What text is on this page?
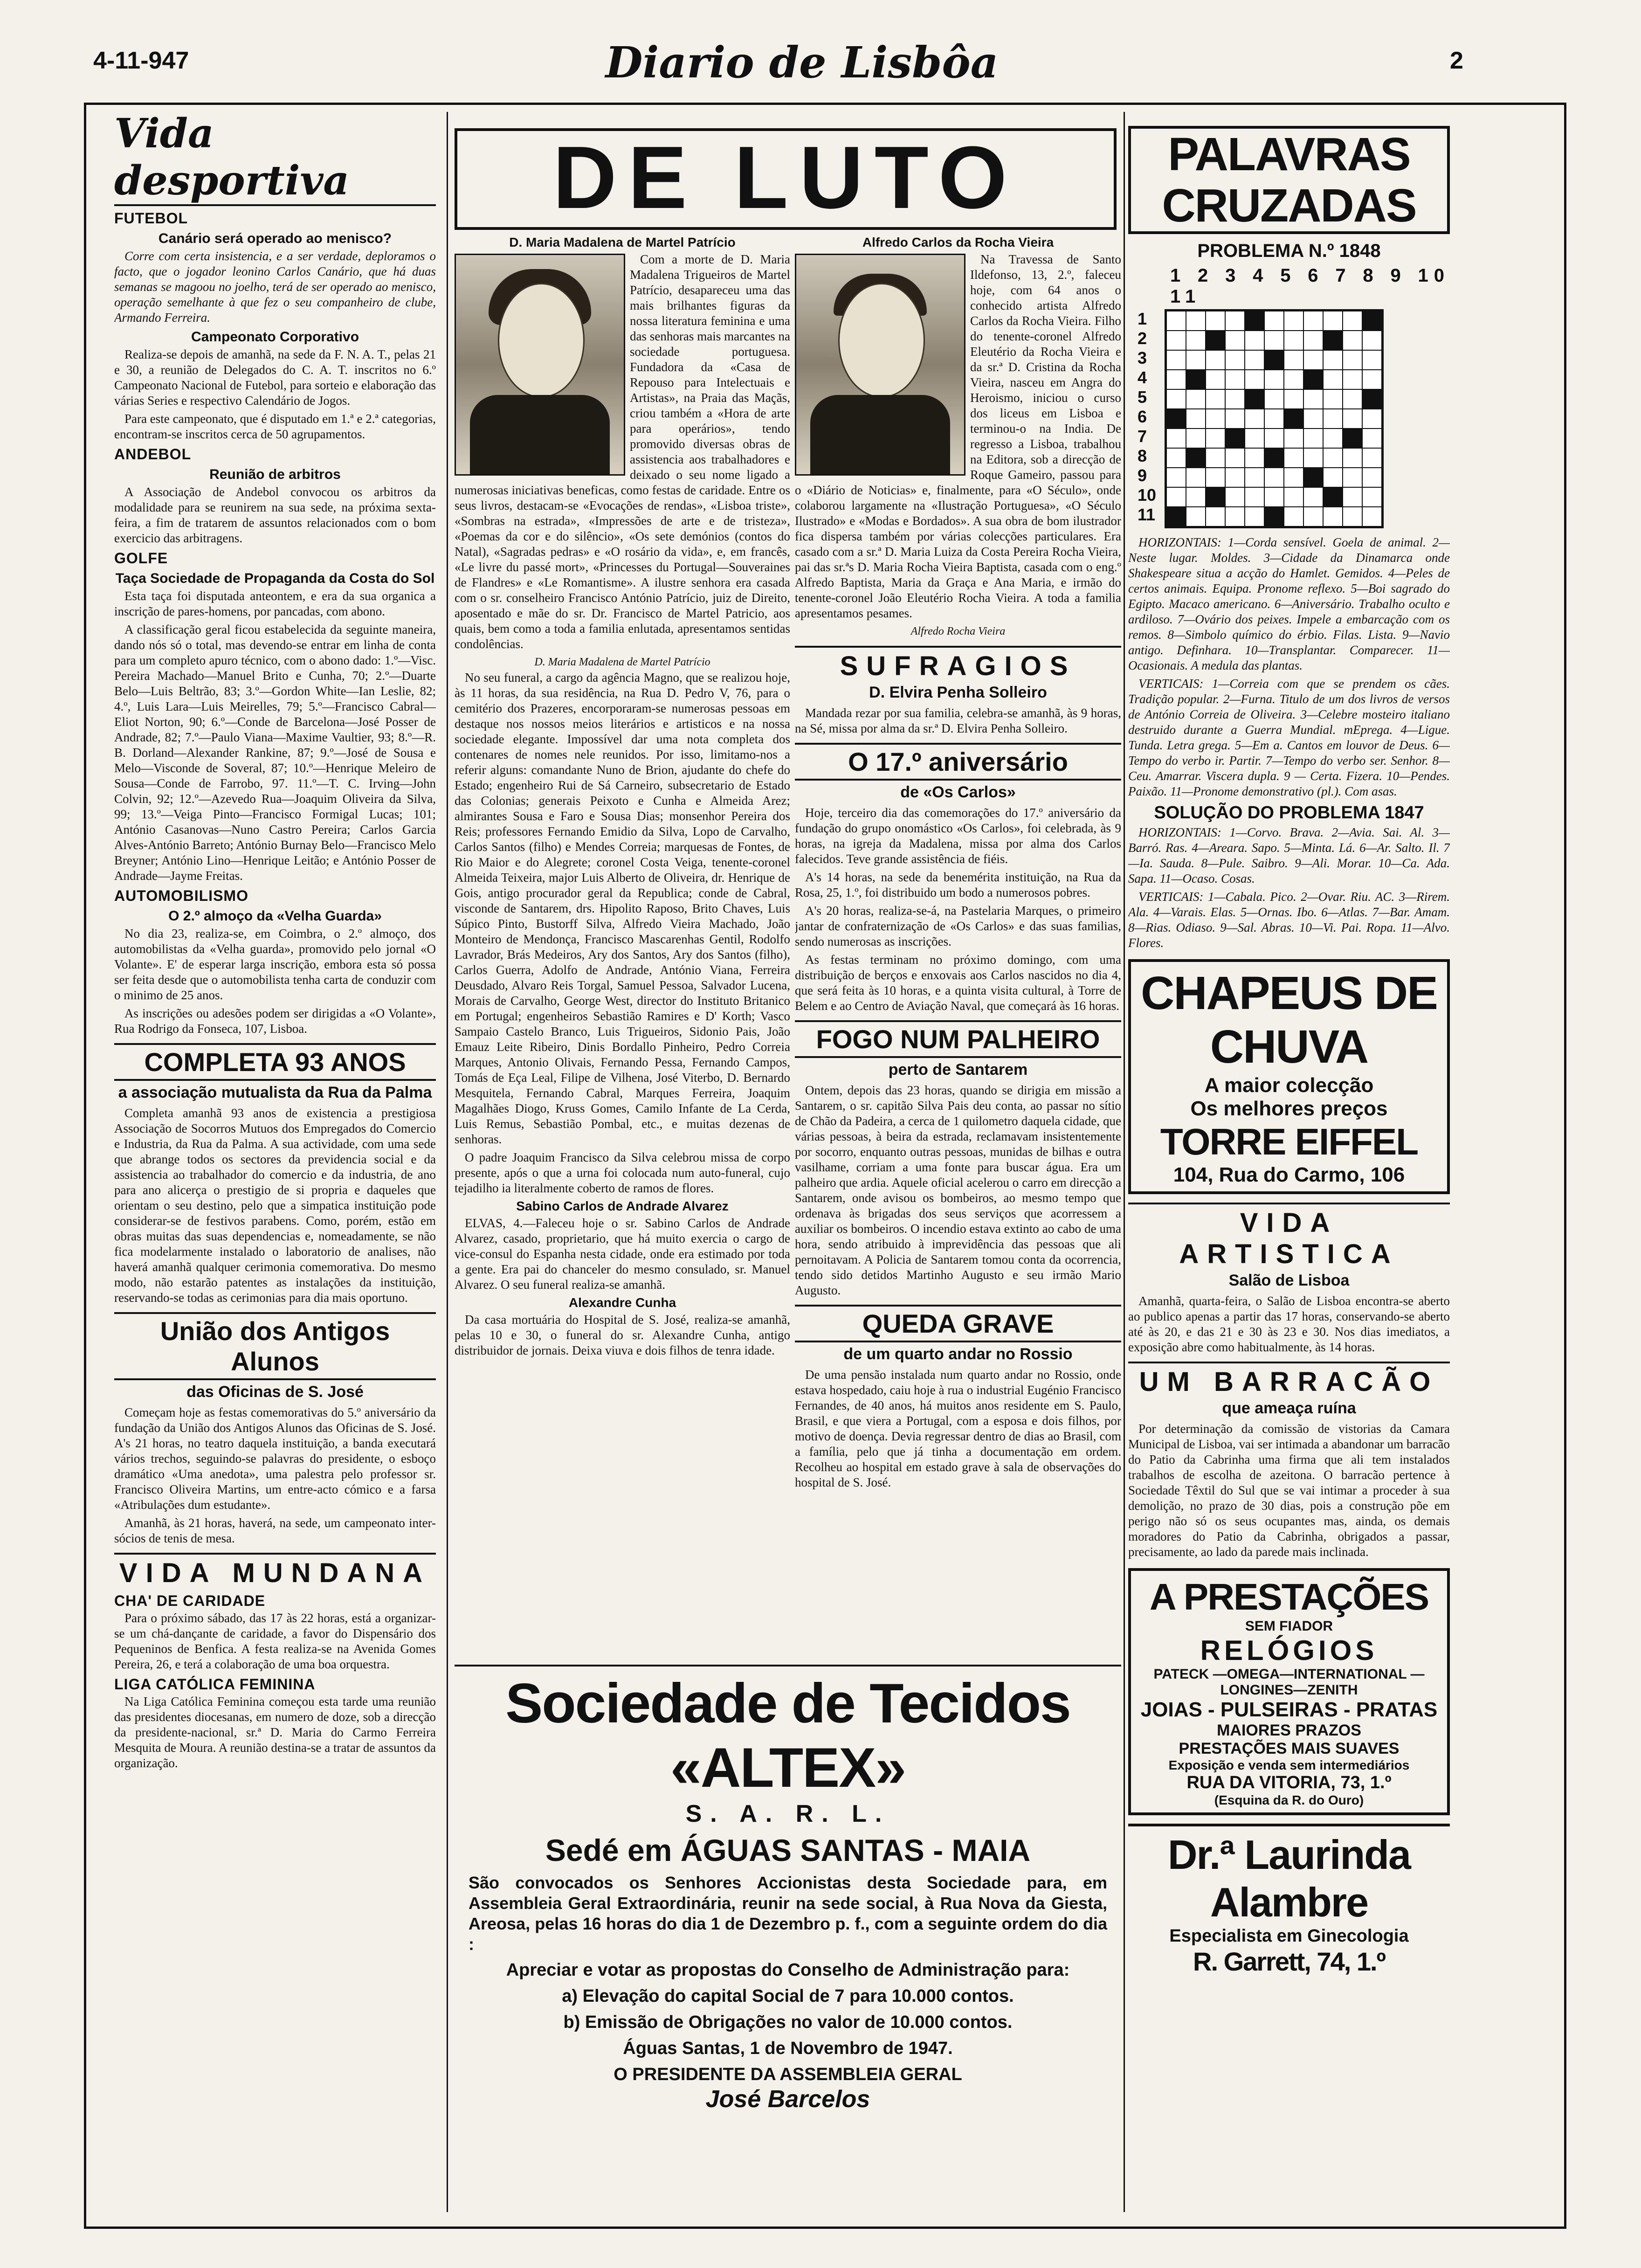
4-11-947	Diario de Lisbôa	2
Vida desportiva
FUTEBOL
Canário será operado ao menisco?

Corre com certa insistencia, e a ser verdade, deploramos o facto, que o jogador leonino Carlos Canário, que há duas semanas se magoou no joelho, terá de ser operado ao menisco, operação semelhante à que fez o seu companheiro de clube, Armando Ferreira.

Campeonato Corporativo

Realiza-se depois de amanhã, na sede da F. N. A. T., pelas 21 e 30, a reunião de Delegados do C. A. T. inscritos no 6.º Campeonato Nacional de Futebol, para sorteio e elaboração das várias Series e respectivo Calendário de Jogos.

Para este campeonato, que é disputado em 1.ª e 2.ª categorias, encontram-se inscritos cerca de 50 agrupamentos.

ANDEBOL
Reunião de arbitros

A Associação de Andebol convocou os arbitros da modalidade para se reunirem na sua sede, na próxima sexta-feira, a fim de tratarem de assuntos relacionados com o bom exercicio das arbitragens.

GOLFE
Taça Sociedade de Propaganda da Costa do Sol

Esta taça foi disputada anteontem, e era da sua organica a inscrição de pares-homens, por pancadas, com abono.

A classificação geral ficou estabelecida da seguinte maneira, dando nós só o total, mas devendo-se entrar em linha de conta para um completo apuro técnico, com o abono dado: 1.º—Visc. Pereira Machado—Manuel Brito e Cunha, 70; 2.º—Duarte Belo—Luis Beltrão, 83; 3.º—Gordon White—Ian Leslie, 82; 4.º, Luis Lara—Luis Meirelles, 79; 5.º—Francisco Cabral—Eliot Norton, 90; 6.º—Conde de Barcelona—José Posser de Andrade, 82; 7.º—Paulo Viana—Maxime Vaultier, 93; 8.º—R. B. Dorland—Alexander Rankine, 87; 9.º—José de Sousa e Melo—Visconde de Soveral, 87; 10.º—Henrique Meleiro de Sousa—Conde de Farrobo, 97. 11.º—T. C. Irving—John Colvin, 92; 12.º—Azevedo Rua—Joaquim Oliveira da Silva, 99; 13.º—Veiga Pinto—Francisco Formigal Lucas; 101; António Casanovas—Nuno Castro Pereira; Carlos Garcia Alves-António Barreto; António Burnay Belo—Francisco Melo Breyner; António Lino—Henrique Leitão; e António Posser de Andrade—Jayme Freitas.

AUTOMOBILISMO
O 2.º almoço da «Velha Guarda»

No dia 23, realiza-se, em Coimbra, o 2.º almoço, dos automobilistas da «Velha guarda», promovido pelo jornal «O Volante». E' de esperar larga inscrição, embora esta só possa ser feita desde que o automobilista tenha carta de conduzir com o minimo de 25 anos.

As inscrições ou adesões podem ser dirigidas a «O Volante», Rua Rodrigo da Fonseca, 107, Lisboa.

COMPLETA 93 ANOS
a associação mutualista da Rua da Palma

Completa amanhã 93 anos de existencia a prestigiosa Associação de Socorros Mutuos dos Empregados do Comercio e Industria, da Rua da Palma. A sua actividade, com uma sede que abrange todos os sectores da previdencia social e da assistencia ao trabalhador do comercio e da industria, de ano para ano alicerça o prestigio de si propria e daqueles que orientam o seu destino, pelo que a simpatica instituição pode considerar-se de festivos parabens. Como, porém, estão em obras muitas das suas dependencias e, nomeadamente, se não fica modelarmente instalado o laboratorio de analises, não haverá amanhã qualquer cerimonia comemorativa. Do mesmo modo, não estarão patentes as instalações da instituição, reservando-se todas as cerimonias para dia mais oportuno.

União dos Antigos Alunos
das Oficinas de S. José

Começam hoje as festas comemorativas do 5.º aniversário da fundação da União dos Antigos Alunos das Oficinas de S. José. A's 21 horas, no teatro daquela instituição, a banda executará vários trechos, seguindo-se palavras do presidente, o esboço dramático «Uma anedota», uma palestra pelo professor sr. Francisco Oliveira Martins, um entre-acto cómico e a farsa «Atribulações dum estudante».

Amanhã, às 21 horas, haverá, na sede, um campeonato inter-sócios de tenis de mesa.

VIDA MUNDANA
CHA' DE CARIDADE

Para o próximo sábado, das 17 às 22 horas, está a organizar-se um chá-dançante de caridade, a favor do Dispensário dos Pequeninos de Benfica. A festa realiza-se na Avenida Gomes Pereira, 26, e terá a colaboração de uma boa orquestra.

LIGA CATÓLICA FEMININA

Na Liga Católica Feminina começou esta tarde uma reunião das presidentes diocesanas, em numero de doze, sob a direcção da presidente-nacional, sr.ª D. Maria do Carmo Ferreira Mesquita de Moura. A reunião destina-se a tratar de assuntos da organização.

DE LUTO
D. Maria Madalena de Martel Patrício

Com a morte de D. Maria Madalena Trigueiros de Martel Patrício, desapareceu uma das mais brilhantes figuras da nossa literatura feminina e uma das senhoras mais marcantes na sociedade portuguesa. Fundadora da «Casa de Repouso para Intelectuais e Artistas», na Praia das Maçãs, criou também a «Hora de arte para operários», tendo promovido diversas obras de assistencia aos trabalhadores e deixado o seu nome ligado a numerosas iniciativas beneficas, como festas de caridade. Entre os seus livros, destacam-se «Evocações de rendas», «Lisboa triste», «Sombras na estrada», «Impressões de arte e de tristeza», «Poemas da cor e do silêncio», «Os sete demónios (contos do Natal), «Sagradas pedras» e «O rosário da vida», e, em francês, «Le livre du passé mort», «Princesses du Portugal—Souveraines de Flandres» e «Le Romantisme». A ilustre senhora era casada com o sr. conselheiro Francisco António Patrício, juiz de Direito, aposentado e mãe do sr. Dr. Francisco de Martel Patricio, aos quais, bem como a toda a familia enlutada, apresentamos sentidas condolências.

D. Maria Madalena de Martel Patrício

No seu funeral, a cargo da agência Magno, que se realizou hoje, às 11 horas, da sua residência, na Rua D. Pedro V, 76, para o cemitério dos Prazeres, encorporaram-se numerosas pessoas em destaque nos nossos meios literários e artisticos e na nossa sociedade elegante. Impossível dar uma nota completa dos contenares de nomes nele reunidos. Por isso, limitamo-nos a referir alguns: comandante Nuno de Brion, ajudante do chefe do Estado; engenheiro Rui de Sá Carneiro, subsecretario de Estado das Colonias; generais Peixoto e Cunha e Almeida Arez; almirantes Sousa e Faro e Sousa Dias; monsenhor Pereira dos Reis; professores Fernando Emidio da Silva, Lopo de Carvalho, Carlos Santos (filho) e Mendes Correia; marquesas de Fontes, de Rio Maior e do Alegrete; coronel Costa Veiga, tenente-coronel Almeida Teixeira, major Luis Alberto de Oliveira, dr. Henrique de Gois, antigo procurador geral da Republica; conde de Cabral, visconde de Santarem, drs. Hipolito Raposo, Brito Chaves, Luis Súpico Pinto, Bustorff Silva, Alfredo Vieira Machado, João Monteiro de Mendonça, Francisco Mascarenhas Gentil, Rodolfo Lavrador, Brás Medeiros, Ary dos Santos, Ary dos Santos (filho), Carlos Guerra, Adolfo de Andrade, António Viana, Ferreira Deusdado, Alvaro Reis Torgal, Samuel Pessoa, Salvador Lucena, Morais de Carvalho, George West, director do Instituto Britanico em Portugal; engenheiros Sebastião Ramires e D' Korth; Vasco Sampaio Castelo Branco, Luis Trigueiros, Sidonio Pais, João Emauz Leite Ribeiro, Dinis Bordallo Pinheiro, Pedro Correia Marques, Antonio Olivais, Fernando Pessa, Fernando Campos, Tomás de Eça Leal, Filipe de Vilhena, José Viterbo, D. Bernardo Mesquitela, Fernando Cabral, Marques Ferreira, Joaquim Magalhães Diogo, Kruss Gomes, Camilo Infante de La Cerda, Luis Remus, Sebastião Pombal, etc., e muitas dezenas de senhoras.

O padre Joaquim Francisco da Silva celebrou missa de corpo presente, após o que a urna foi colocada num auto-funeral, cujo tejadilho ia literalmente coberto de ramos de flores.

Sabino Carlos de Andrade Alvarez

ELVAS, 4.—Faleceu hoje o sr. Sabino Carlos de Andrade Alvarez, casado, proprietario, que há muito exercia o cargo de vice-consul do Espanha nesta cidade, onde era estimado por toda a gente. Era pai do chanceler do mesmo consulado, sr. Manuel Alvarez. O seu funeral realiza-se amanhã.

Alexandre Cunha

Da casa mortuária do Hospital de S. José, realiza-se amanhã, pelas 10 e 30, o funeral do sr. Alexandre Cunha, antigo distribuidor de jornais. Deixa viuva e dois filhos de tenra idade.

Alfredo Carlos da Rocha Vieira

Na Travessa de Santo Ildefonso, 13, 2.º, faleceu hoje, com 64 anos o conhecido artista Alfredo Carlos da Rocha Vieira. Filho do tenente-coronel Alfredo Eleutério da Rocha Vieira e da sr.ª D. Cristina da Rocha Vieira, nasceu em Angra do Heroismo, iniciou o curso dos liceus em Lisboa e terminou-o na India. De regresso a Lisboa, trabalhou na Editora, sob a direcção de Roque Gameiro, passou para o «Diário de Noticias» e, finalmente, para «O Século», onde colaborou largamente na «Ilustração Portuguesa», «O Século Ilustrado» e «Modas e Bordados». A sua obra de bom ilustrador fica dispersa também por várias colecções particulares. Era casado com a sr.ª D. Maria Luiza da Costa Pereira Rocha Vieira, pai das sr.ªs D. Maria Rocha Vieira Baptista, casada com o eng.º Alfredo Baptista, Maria da Graça e Ana Maria, e irmão do tenente-coronel João Eleutério Rocha Vieira. A toda a familia apresentamos pesames.

Alfredo Rocha Vieira
SUFRAGIOS
D. Elvira Penha Solleiro

Mandada rezar por sua familia, celebra-se amanhã, às 9 horas, na Sé, missa por alma da sr.ª D. Elvira Penha Solleiro.

O 17.º aniversário
de «Os Carlos»

Hoje, terceiro dia das comemorações do 17.º aniversário da fundação do grupo onomástico «Os Carlos», foi celebrada, às 9 horas, na igreja da Madalena, missa por alma dos Carlos falecidos. Teve grande assistência de fiéis.

A's 14 horas, na sede da benemérita instituição, na Rua da Rosa, 25, 1.º, foi distribuido um bodo a numerosos pobres.

A's 20 horas, realiza-se-á, na Pastelaria Marques, o primeiro jantar de confraternização de «Os Carlos» e das suas familias, sendo numerosas as inscrições.

As festas terminam no próximo domingo, com uma distribuição de berços e enxovais aos Carlos nascidos no dia 4, que será feita às 10 horas, e a quinta visita cultural, à Torre de Belem e ao Centro de Aviação Naval, que começará às 16 horas.

FOGO NUM PALHEIRO
perto de Santarem

Ontem, depois das 23 horas, quando se dirigia em missão a Santarem, o sr. capitão Silva Pais deu conta, ao passar no sítio de Chão da Padeira, a cerca de 1 quilometro daquela cidade, que várias pessoas, à beira da estrada, reclamavam insistentemente por socorro, enquanto outras pessoas, munidas de bilhas e outra vasilhame, corriam a uma fonte para buscar água. Era um palheiro que ardia. Aquele oficial acelerou o carro em direcção a Santarem, onde avisou os bombeiros, ao mesmo tempo que ordenava às brigadas dos seus serviços que acorressem a auxiliar os bombeiros. O incendio estava extinto ao cabo de uma hora, sendo atribuido à imprevidência das pessoas que ali pernoitavam. A Policia de Santarem tomou conta da ocorrencia, tendo sido detidos Martinho Augusto e seu irmão Mario Augusto.

QUEDA GRAVE
de um quarto andar no Rossio

De uma pensão instalada num quarto andar no Rossio, onde estava hospedado, caiu hoje à rua o industrial Eugénio Francisco Fernandes, de 40 anos, há muitos anos residente em S. Paulo, Brasil, e que viera a Portugal, com a esposa e dois filhos, por motivo de doença. Devia regressar dentro de dias ao Brasil, com a família, pelo que já tinha a documentação em ordem. Recolheu ao hospital em estado grave à sala de observações do hospital de S. José.

Sociedade de Tecidos «ALTEX»
S. A. R. L.
Sedé em ÁGUAS SANTAS - MAIA
São convocados os Senhores Accionistas desta Sociedade para, em Assembleia Geral Extraordinária, reunir na sede social, à Rua Nova da Giesta, Areosa, pelas 16 horas do dia 1 de Dezembro p. f., com a seguinte ordem do dia :
Apreciar e votar as propostas do Conselho de Administração para:
a) Elevação do capital Social de 7 para 10.000 contos.
b) Emissão de Obrigações no valor de 10.000 contos.
Águas Santas, 1 de Novembro de 1947.
O PRESIDENTE DA ASSEMBLEIA GERAL
José Barcelos
PALAVRAS CRUZADAS
PROBLEMA N.º 1848
1 2 3 4 5 6 7 8 9 10 11
1 2 3 4 5 6 7 8 9 10 11

HORIZONTAIS: 1—Corda sensível. Goela de animal. 2—Neste lugar. Moldes. 3—Cidade da Dinamarca onde Shakespeare situa a acção do Hamlet. Gemidos. 4—Peles de certos animais. Equipa. Pronome reflexo. 5—Boi sagrado do Egipto. Macaco americano. 6—Aniversário. Trabalho oculto e ardiloso. 7—Ovário dos peixes. Impele a embarcação com os remos. 8—Simbolo químico do érbio. Filas. Lista. 9—Navio antigo. Definhara. 10—Transplantar. Comparecer. 11—Ocasionais. A medula das plantas.

VERTICAIS: 1—Correia com que se prendem os cães. Tradição popular. 2—Furna. Titulo de um dos livros de versos de António Correia de Oliveira. 3—Celebre mosteiro italiano destruido durante a Guerra Mundial. mEprega. 4—Ligue. Tunda. Letra grega. 5—Em a. Cantos em louvor de Deus. 6—Tempo do verbo ir. Partir. 7—Tempo do verbo ser. Senhor. 8—Ceu. Amarrar. Viscera dupla. 9 — Certa. Fizera. 10—Pendes. Paixão. 11—Pronome demonstrativo (pl.). Com asas.

SOLUÇÃO DO PROBLEMA 1847

HORIZONTAIS: 1—Corvo. Brava. 2—Avia. Sai. Al. 3—Barró. Ras. 4—Areara. Sapo. 5—Minta. Lá. 6—Ar. Salto. Il. 7—Ia. Sauda. 8—Pule. Saibro. 9—Ali. Morar. 10—Ca. Ada. Sapa. 11—Ocaso. Cosas.

VERTICAIS: 1—Cabala. Pico. 2—Ovar. Riu. AC. 3—Rirem. Ala. 4—Varais. Elas. 5—Ornas. Ibo. 6—Atlas. 7—Bar. Amam. 8—Rias. Odiaso. 9—Sal. Abras. 10—Vi. Pai. Ropa. 11—Alvo. Flores.

CHAPEUS DE CHUVA
A maior colecção
Os melhores preços
TORRE EIFFEL
104, Rua do Carmo, 106
VIDA ARTISTICA
Salão de Lisboa

Amanhã, quarta-feira, o Salão de Lisboa encontra-se aberto ao publico apenas a partir das 17 horas, conservando-se aberto até às 20, e das 21 e 30 às 23 e 30. Nos dias imediatos, a exposição abre como habitualmente, às 14 horas.

UM BARRACÃO
que ameaça ruína

Por determinação da comissão de vistorias da Camara Municipal de Lisboa, vai ser intimada a abandonar um barracão do Patio da Cabrinha uma firma que ali tem instalados trabalhos de escolha de azeitona. O barracão pertence à Sociedade Têxtil do Sul que se vai intimar a proceder à sua demolição, no prazo de 30 dias, pois a construção põe em perigo não só os seus ocupantes mas, ainda, os demais moradores do Patio da Cabrinha, obrigados a passar, precisamente, ao lado da parede mais inclinada.

A PRESTAÇÕES
SEM FIADOR
RELÓGIOS
PATECK —OMEGA—INTERNATIONAL —LONGINES—ZENITH
JOIAS - PULSEIRAS - PRATAS
MAIORES PRAZOS
PRESTAÇÕES MAIS SUAVES
Exposição e venda sem intermediários
RUA DA VITORIA, 73, 1.º
(Esquina da R. do Ouro)
Dr.ª Laurinda Alambre
Especialista em Ginecologia
R. Garrett, 74, 1.º
